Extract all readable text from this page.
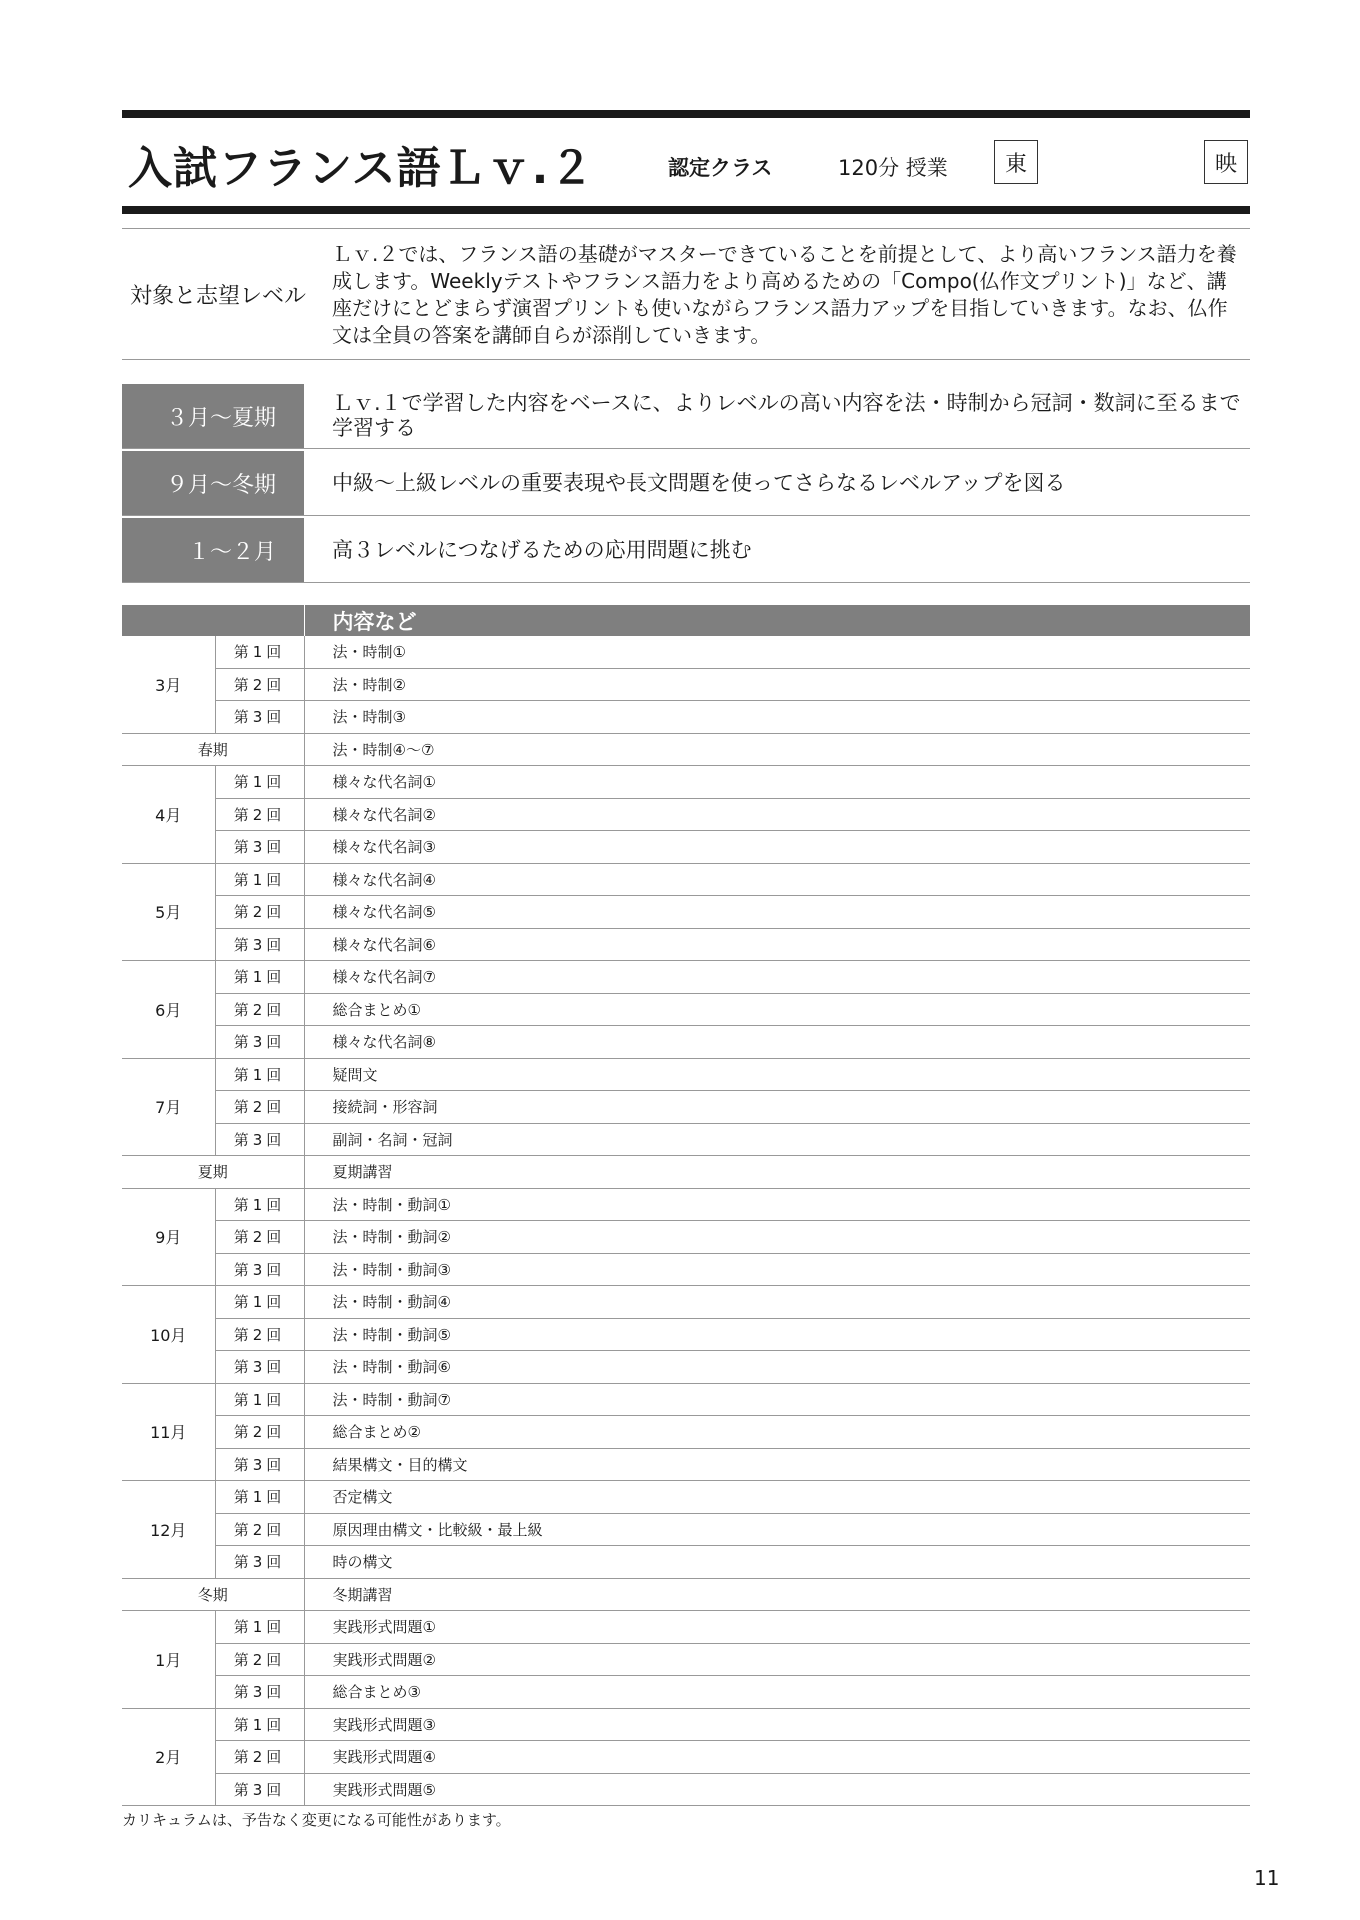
入試フランス語Ｌｖ.２	認定クラス	120分 授業	東	映
対象と志望レベル
Ｌｖ.２では、フランス語の基礎がマスターできていることを前提として、より高いフランス語力を養成します。Weeklyテストやフランス語力をより高めるための「Compo(仏作文プリント)」など、講座だけにとどまらず演習プリントも使いながらフランス語力アップを目指していきます。なお、仏作文は全員の答案を講師自らが添削していきます。
３月～夏期
Ｌｖ.１で学習した内容をベースに、よりレベルの高い内容を法・時制から冠詞・数詞に至るまで学習する
９月～冬期	中級～上級レベルの重要表現や長文問題を使ってさらなるレベルアップを図る
１～２月	高３レベルにつなげるための応用問題に挑む
		内容など
3月	第1回	法・時制①
	第2回	法・時制②
	第3回	法・時制③
春期		法・時制④～⑦
4月	第1回	様々な代名詞①
	第2回	様々な代名詞②
	第3回	様々な代名詞③
5月	第1回	様々な代名詞④
	第2回	様々な代名詞⑤
	第3回	様々な代名詞⑥
6月	第1回	様々な代名詞⑦
	第2回	総合まとめ①
	第3回	様々な代名詞⑧
7月	第1回	疑問文
	第2回	接続詞・形容詞
	第3回	副詞・名詞・冠詞
夏期		夏期講習
9月	第1回	法・時制・動詞①
	第2回	法・時制・動詞②
	第3回	法・時制・動詞③
10月	第1回	法・時制・動詞④
	第2回	法・時制・動詞⑤
	第3回	法・時制・動詞⑥
11月	第1回	法・時制・動詞⑦
	第2回	総合まとめ②
	第3回	結果構文・目的構文
12月	第1回	否定構文
	第2回	原因理由構文・比較級・最上級
	第3回	時の構文
冬期		冬期講習
1月	第1回	実践形式問題①
	第2回	実践形式問題②
	第3回	総合まとめ③
2月	第1回	実践形式問題③
	第2回	実践形式問題④
	第3回	実践形式問題⑤
カリキュラムは、予告なく変更になる可能性があります。
11
